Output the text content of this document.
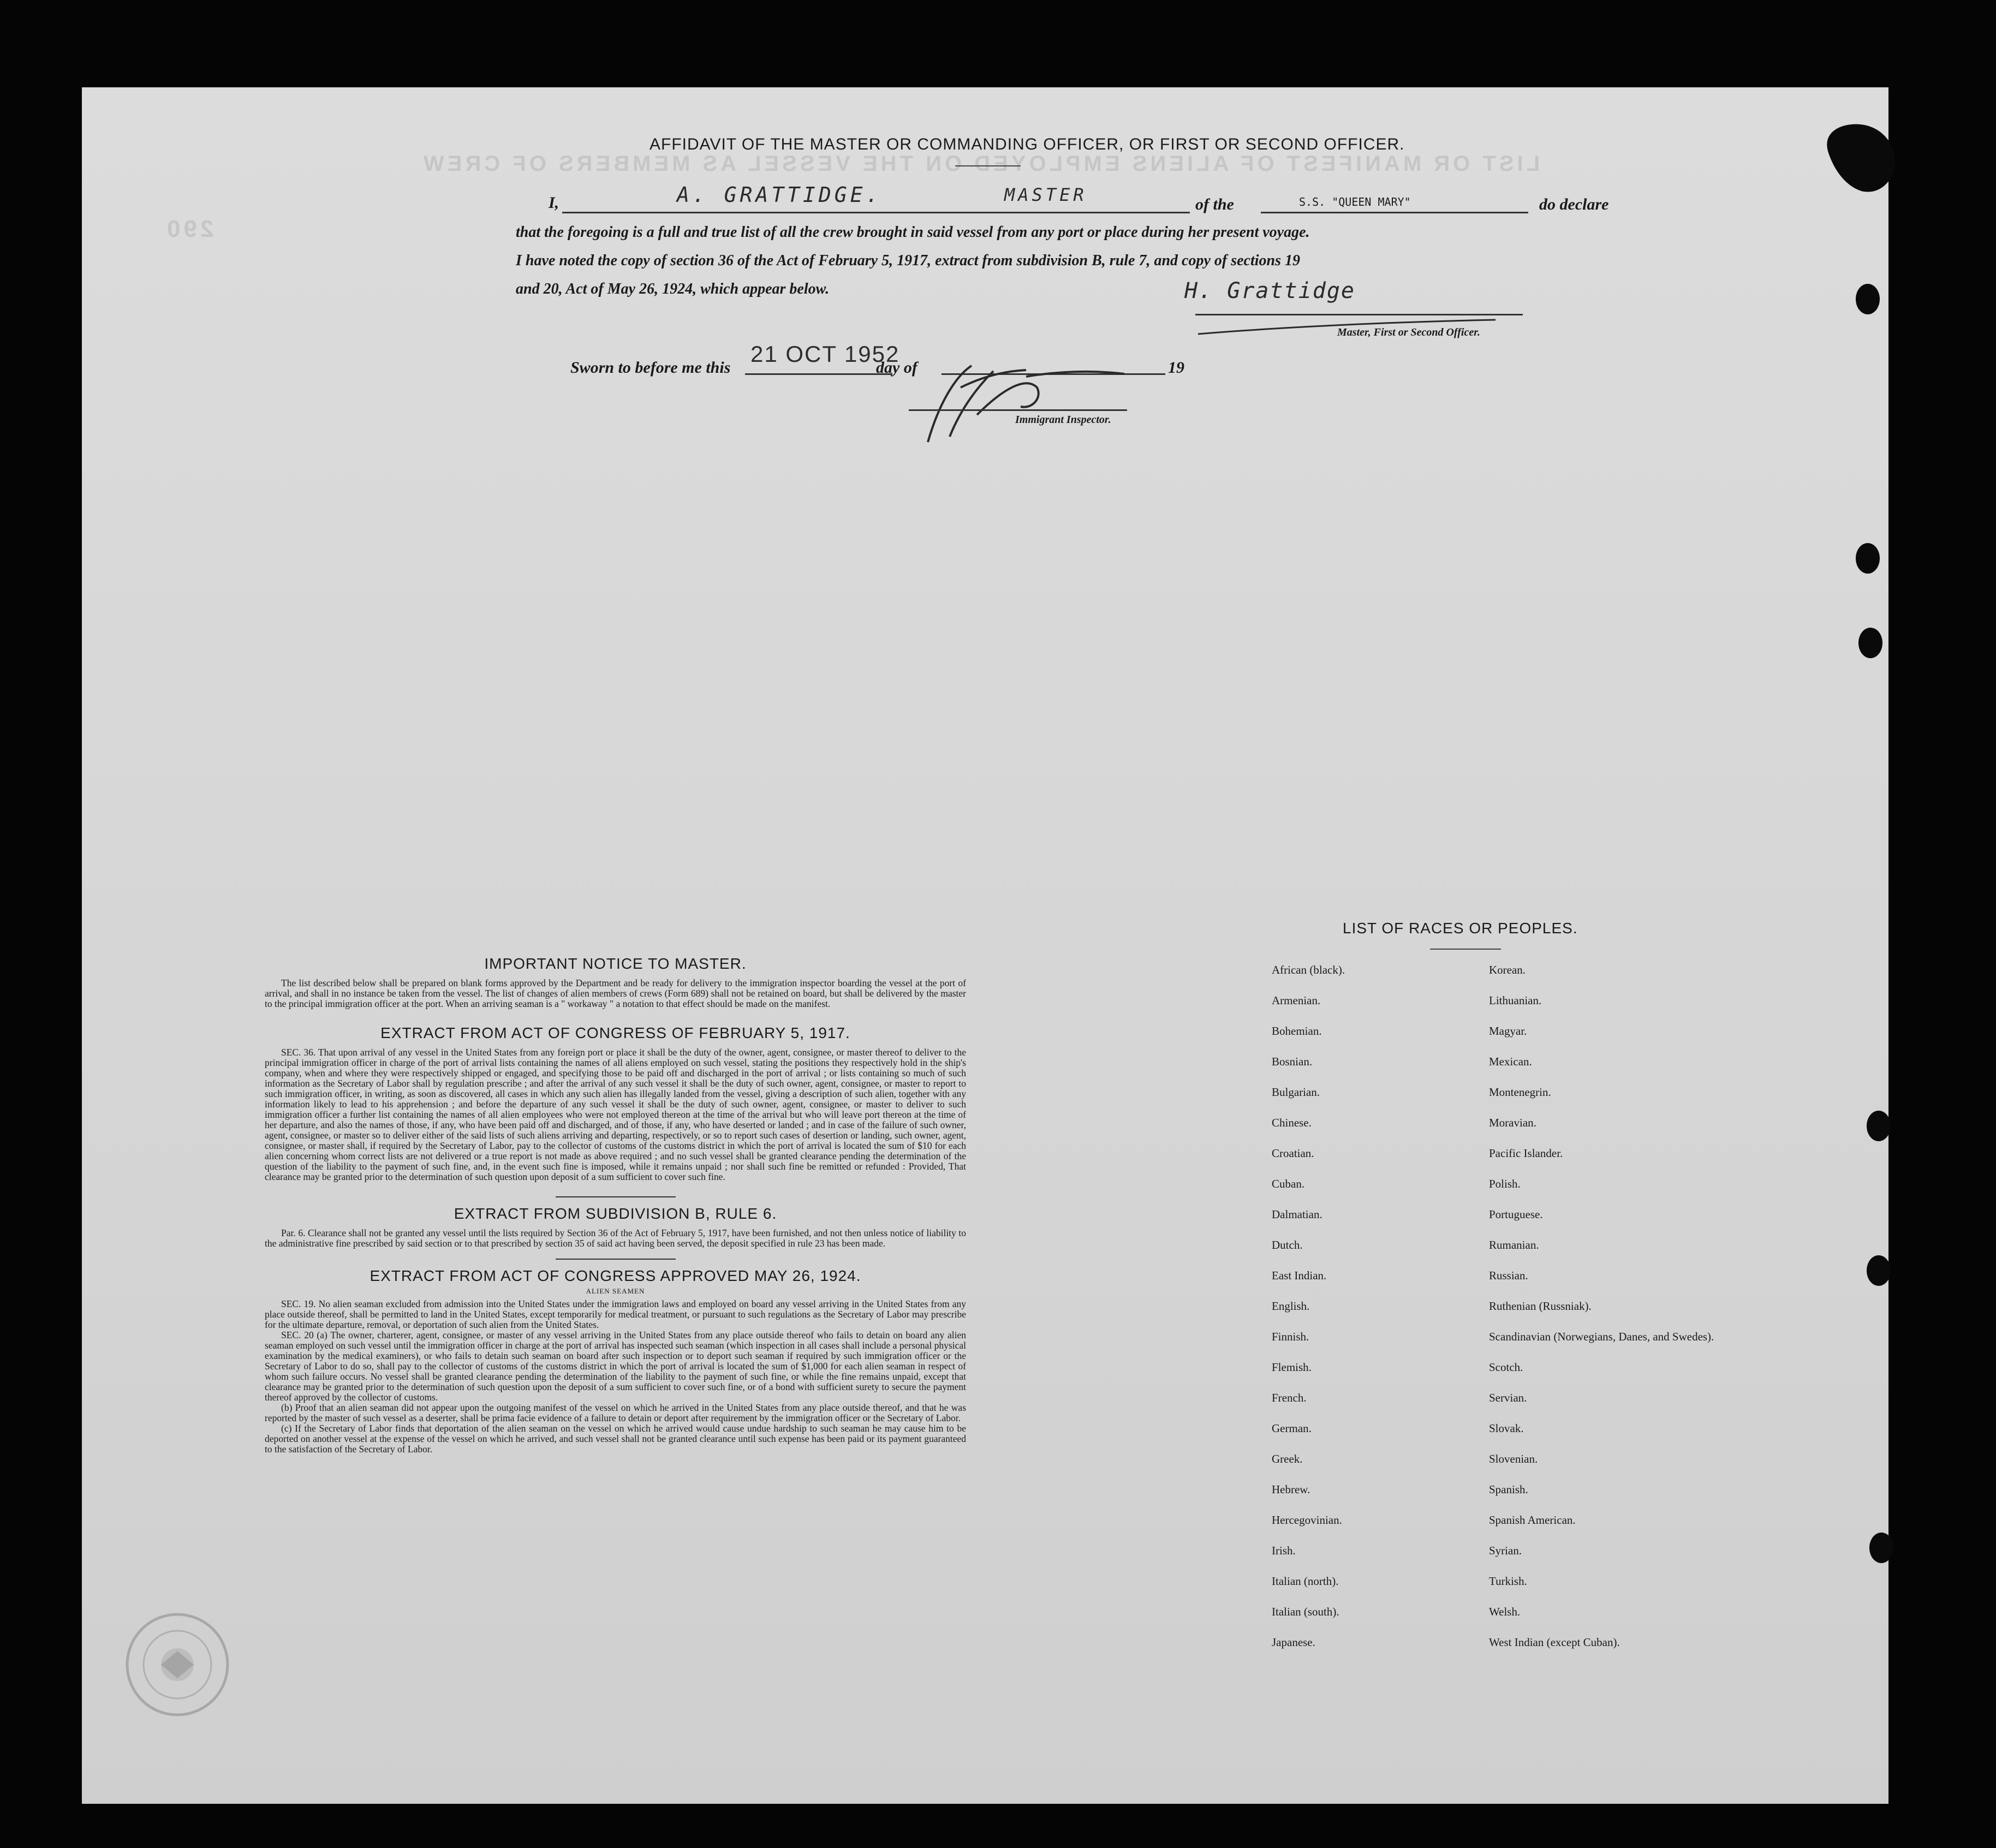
LIST OR MANIFEST OF ALIENS EMPLOYED ON THE VESSEL AS MEMBERS OF CREW
290
AFFIDAVIT OF THE MASTER OR COMMANDING OFFICER, OR FIRST OR SECOND OFFICER.
I,	A. GRATTIDGE.	MASTER	of the	S.S. "QUEEN MARY"	do declare
that the foregoing is a full and true list of all the crew brought in said vessel from any port or place during her present voyage.
I have noted the copy of section 36 of the Act of February 5, 1917, extract from subdivision B, rule 7, and copy of sections 19
and 20, Act of May 26, 1924, which appear below.	H. Grattidge
Master, First or Second Officer.
Sworn to before me this
21 OCT 1952
day of	19
Immigrant Inspector.
IMPORTANT NOTICE TO MASTER.
The list described below shall be prepared on blank forms approved by the Department and be ready for delivery to the immigration inspector boarding the vessel at the port of arrival, and shall in no instance be taken from the vessel. The list of changes of alien members of crews (Form 689) shall not be retained on board, but shall be delivered by the master to the principal immigration officer at the port. When an arriving seaman is a " workaway " a notation to that effect should be made on the manifest.
EXTRACT FROM ACT OF CONGRESS OF FEBRUARY 5, 1917.
SEC. 36. That upon arrival of any vessel in the United States from any foreign port or place it shall be the duty of the owner, agent, consignee, or master thereof to deliver to the principal immigration officer in charge of the port of arrival lists containing the names of all aliens employed on such vessel, stating the positions they respectively hold in the ship's company, when and where they were respectively shipped or engaged, and specifying those to be paid off and discharged in the port of arrival ; or lists containing so much of such information as the Secretary of Labor shall by regulation prescribe ; and after the arrival of any such vessel it shall be the duty of such owner, agent, consignee, or master to report to such immigration officer, in writing, as soon as discovered, all cases in which any such alien has illegally landed from the vessel, giving a description of such alien, together with any information likely to lead to his apprehension ; and before the departure of any such vessel it shall be the duty of such owner, agent, consignee, or master to deliver to such immigration officer a further list containing the names of all alien employees who were not employed thereon at the time of the arrival but who will leave port thereon at the time of her departure, and also the names of those, if any, who have been paid off and discharged, and of those, if any, who have deserted or landed ; and in case of the failure of such owner, agent, consignee, or master so to deliver either of the said lists of such aliens arriving and departing, respectively, or so to report such cases of desertion or landing, such owner, agent, consignee, or master shall, if required by the Secretary of Labor, pay to the collector of customs of the customs district in which the port of arrival is located the sum of $10 for each alien concerning whom correct lists are not delivered or a true report is not made as above required ; and no such vessel shall be granted clearance pending the determination of the question of the liability to the payment of such fine, and, in the event such fine is imposed, while it remains unpaid ; nor shall such fine be remitted or refunded : Provided, That clearance may be granted prior to the determination of such question upon deposit of a sum sufficient to cover such fine.
EXTRACT FROM SUBDIVISION B, RULE 6.
Par. 6. Clearance shall not be granted any vessel until the lists required by Section 36 of the Act of February 5, 1917, have been furnished, and not then unless notice of liability to the administrative fine prescribed by said section or to that prescribed by section 35 of said act having been served, the deposit specified in rule 23 has been made.
EXTRACT FROM ACT OF CONGRESS APPROVED MAY 26, 1924.
ALIEN SEAMEN
SEC. 19. No alien seaman excluded from admission into the United States under the immigration laws and employed on board any vessel arriving in the United States from any place outside thereof, shall be permitted to land in the United States, except temporarily for medical treatment, or pursuant to such regulations as the Secretary of Labor may prescribe for the ultimate departure, removal, or deportation of such alien from the United States.
SEC. 20 (a) The owner, charterer, agent, consignee, or master of any vessel arriving in the United States from any place outside thereof who fails to detain on board any alien seaman employed on such vessel until the immigration officer in charge at the port of arrival has inspected such seaman (which inspection in all cases shall include a personal physical examination by the medical examiners), or who fails to detain such seaman on board after such inspection or to deport such seaman if required by such immigration officer or the Secretary of Labor to do so, shall pay to the collector of customs of the customs district in which the port of arrival is located the sum of $1,000 for each alien seaman in respect of whom such failure occurs. No vessel shall be granted clearance pending the determination of the liability to the payment of such fine, or while the fine remains unpaid, except that clearance may be granted prior to the determination of such question upon the deposit of a sum sufficient to cover such fine, or of a bond with sufficient surety to secure the payment thereof approved by the collector of customs.
(b) Proof that an alien seaman did not appear upon the outgoing manifest of the vessel on which he arrived in the United States from any place outside thereof, and that he was reported by the master of such vessel as a deserter, shall be prima facie evidence of a failure to detain or deport after requirement by the immigration officer or the Secretary of Labor.
(c) If the Secretary of Labor finds that deportation of the alien seaman on the vessel on which he arrived would cause undue hardship to such seaman he may cause him to be deported on another vessel at the expense of the vessel on which he arrived, and such vessel shall not be granted clearance until such expense has been paid or its payment guaranteed to the satisfaction of the Secretary of Labor.
LIST OF RACES OR PEOPLES.
African (black).
Armenian.
Bohemian.
Bosnian.
Bulgarian.
Chinese.
Croatian.
Cuban.
Dalmatian.
Dutch.
East Indian.
English.
Finnish.
Flemish.
French.
German.
Greek.
Hebrew.
Hercegovinian.
Irish.
Italian (north).
Italian (south).
Japanese.
Korean.
Lithuanian.
Magyar.
Mexican.
Montenegrin.
Moravian.
Pacific Islander.
Polish.
Portuguese.
Rumanian.
Russian.
Ruthenian (Russniak).
Scandinavian (Norwegians, Danes, and Swedes).
Scotch.
Servian.
Slovak.
Slovenian.
Spanish.
Spanish American.
Syrian.
Turkish.
Welsh.
West Indian (except Cuban).
